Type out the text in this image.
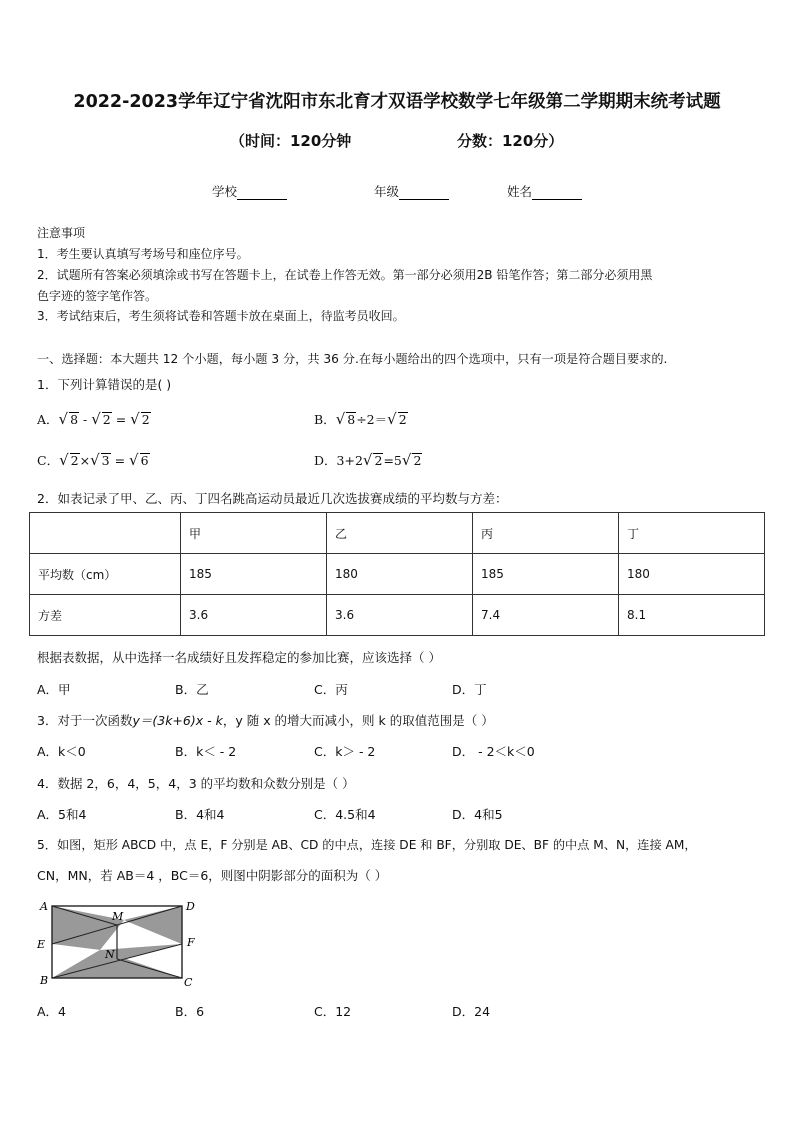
2022-2023学年辽宁省沈阳市东北育才双语学校数学七年级第二学期期末统考试题
（时间：120分钟	分数：120分）
学校	年级	姓名
注意事项
1．考生要认真填写考场号和座位序号。
2．试题所有答案必须填涂或书写在答题卡上，在试卷上作答无效。第一部分必须用2B 铅笔作答；第二部分必须用黑
色字迹的签字笔作答。
3．考试结束后，考生须将试卷和答题卡放在桌面上，待监考员收回。
一、选择题：本大题共 12 个小题，每小题 3 分，共 36 分.在每小题给出的四个选项中，只有一项是符合题目要求的.
1．下列计算错误的是( )
A．√ 8 - √ 2 = √ 2	B．√ 8÷2＝√ 2
C．√ 2×√ 3 = √ 6	D．3+2√ 2=5√ 2
2．如表记录了甲、乙、丙、丁四名跳高运动员最近几次选拔赛成绩的平均数与方差：
	甲	乙	丙	丁
平均数（cm）	185	180	185	180
方差	3.6	3.6	7.4	8.1
根据表数据，从中选择一名成绩好且发挥稳定的参加比赛，应该选择（ ）
A．甲	B．乙	C．丙	D．丁
3．对于一次函数y＝(3k+6)x - k，y 随 x 的增大而减小，则 k 的取值范围是（ ）
A．k＜0	B．k＜ - 2	C．k＞ - 2	D． - 2＜k＜0
4．数据 2，6，4，5，4，3 的平均数和众数分别是（ ）
A．5和4	B．4和4	C．4.5和4	D．4和5
5．如图，矩形 ABCD 中，点 E，F 分别是 AB、CD 的中点，连接 DE 和 BF，分别取 DE、BF 的中点 M、N，连接 AM，
CN，MN，若 AB＝4 ，BC＝6，则图中阴影部分的面积为（ ）
A	D
M
E
N
F
B	C
A．4	B．6	C．12	D．24
